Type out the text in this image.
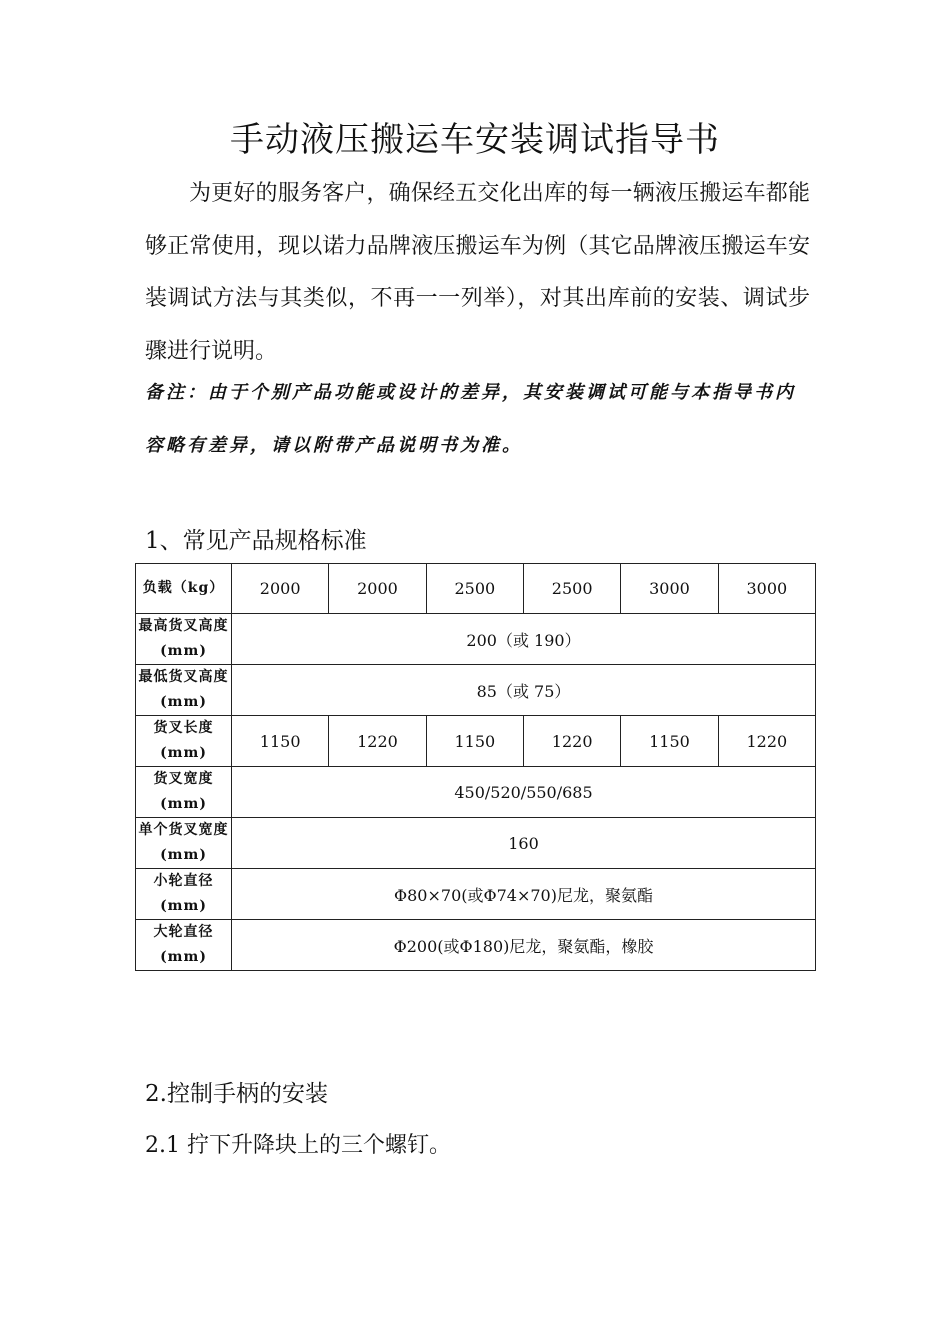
手动液压搬运车安装调试指导书

为更好的服务客户，确保经五交化出库的每一辆液压搬运车都能够正常使用，现以诺力品牌液压搬运车为例（其它品牌液压搬运车安装调试方法与其类似，不再一一列举），对其出库前的安装、调试步骤进行说明。

备注：由于个别产品功能或设计的差异，其安装调试可能与本指导书内容略有差异，请以附带产品说明书为准。

1、常见产品规格标准
负载（kg）	2000	2000	2500	2500	3000	3000
最高货叉高度(mm)	200（或 190）					
最低货叉高度(mm)	85（或 75）					
货叉长度(mm)	1150	1220	1150	1220	1150	1220
货叉宽度(mm)	450/520/550/685					
单个货叉宽度(mm)	160					
小轮直径(mm)	Φ80×70(或Φ74×70)尼龙，聚氨酯					
大轮直径(mm)	Φ200(或Φ180)尼龙，聚氨酯，橡胶					
2.控制手柄的安装

2.1 拧下升降块上的三个螺钉。
